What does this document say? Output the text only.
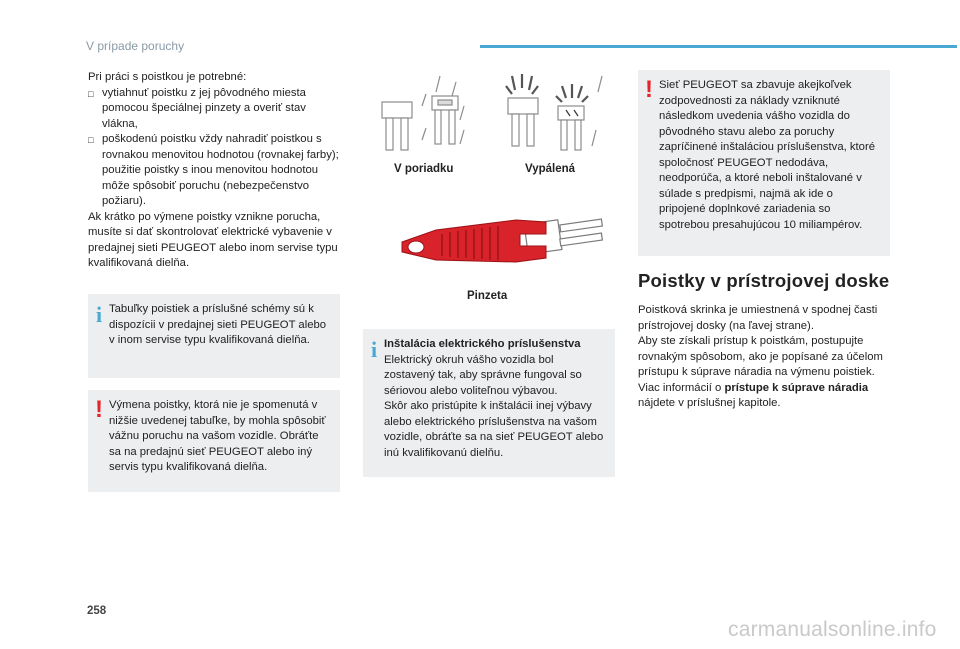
V prípade poruchy
Pri práci s poistkou je potrebné:
□ vytiahnuť poistku z jej pôvodného miesta pomocou špeciálnej pinzety a overiť stav vlákna,
□ poškodenú poistku vždy nahradiť poistkou s rovnakou menovitou hodnotou (rovnakej farby); použitie poistky s inou menovitou hodnotou môže spôsobiť poruchu (nebezpečenstvo požiaru).
Ak krátko po výmene poistky vznikne porucha, musíte si dať skontrolovať elektrické vybavenie v predajnej sieti PEUGEOT alebo inom servise typu kvalifikovaná dielňa.
i Tabuľky poistiek a príslušné schémy sú k dispozícii v predajnej sieti PEUGEOT alebo v inom servise typu kvalifikovaná dielňa.
! Výmena poistky, ktorá nie je spomenutá v nižšie uvedenej tabuľke, by mohla spôsobiť vážnu poruchu na vašom vozidle. Obráťte sa na predajnú sieť PEUGEOT alebo iný servis typu kvalifikovaná dielňa.
V poriadku	Vypálená
Pinzeta
i Inštalácia elektrického príslušenstva
Elektrický okruh vášho vozidla bol zostavený tak, aby správne fungoval so sériovou alebo voliteľnou výbavou.
Skôr ako pristúpite k inštalácii inej výbavy alebo elektrického príslušenstva na vašom vozidle, obráťte sa na sieť PEUGEOT alebo inú kvalifikovanú dielňu.
! Sieť PEUGEOT sa zbavuje akejkoľvek zodpovednosti za náklady vzniknuté následkom uvedenia vášho vozidla do pôvodného stavu alebo za poruchy zapríčinené inštaláciou príslušenstva, ktoré spoločnosť PEUGEOT nedodáva, neodporúča, a ktoré neboli inštalované v súlade s predpismi, najmä ak ide o pripojené doplnkové zariadenia so spotrebou presahujúcou 10 miliampérov.
Poistky v prístrojovej doske
Poistková skrinka je umiestnená v spodnej časti prístrojovej dosky (na ľavej strane).
Aby ste získali prístup k poistkám, postupujte rovnakým spôsobom, ako je popísané za účelom prístupu k súprave náradia na výmenu poistiek.
Viac informácií o prístupe k súprave náradia
nájdete v príslušnej kapitole.
258
carmanualsonline.info
